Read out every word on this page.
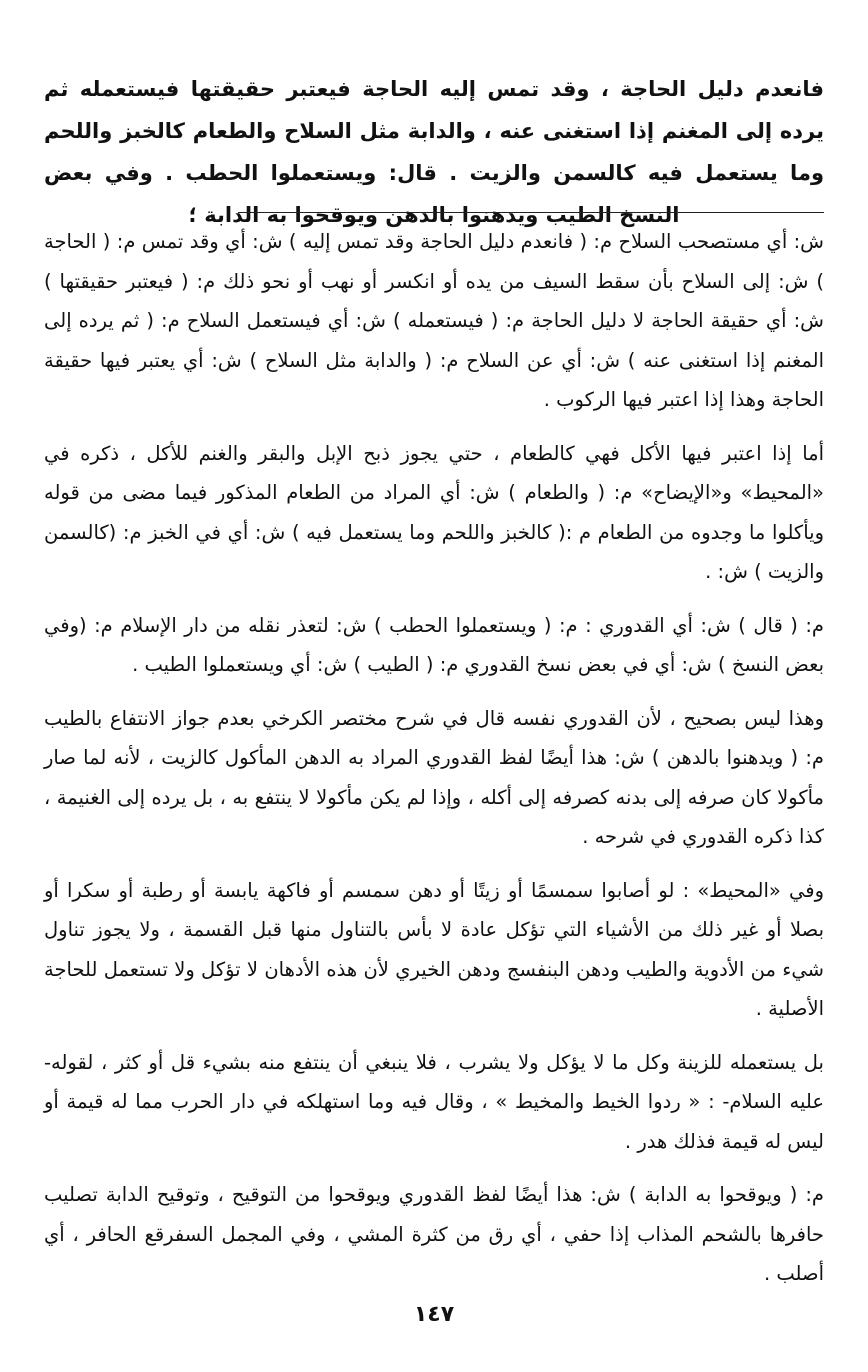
فانعدم دليل الحاجة ، وقد تمس إليه الحاجة فيعتبر حقيقتها فيستعمله ثم يرده إلى المغنم إذا استغنى عنه ، والدابة مثل السلاح والطعام كالخبز واللحم وما يستعمل فيه كالسمن والزيت . قال: ويستعملوا الحطب . وفي بعض النسخ الطيب ويدهنوا بالدهن ويوقحوا به الدابة ؛

ش: أي مستصحب السلاح م: ( فانعدم دليل الحاجة وقد تمس إليه ) ش: أي وقد تمس م: ( الحاجة ) ش: إلى السلاح بأن سقط السيف من يده أو انكسر أو نهب أو نحو ذلك م: ( فيعتبر حقيقتها ) ش: أي حقيقة الحاجة لا دليل الحاجة م: ( فيستعمله ) ش: أي فيستعمل السلاح م: ( ثم يرده إلى المغنم إذا استغنى عنه ) ش: أي عن السلاح م: ( والدابة مثل السلاح ) ش: أي يعتبر فيها حقيقة الحاجة وهذا إذا اعتبر فيها الركوب .

أما إذا اعتبر فيها الأكل فهي كالطعام ، حتي يجوز ذبح الإبل والبقر والغنم للأكل ، ذكره في «المحيط» و«الإيضاح» م: ( والطعام ) ش: أي المراد من الطعام المذكور فيما مضى من قوله ويأكلوا ما وجدوه من الطعام م :( كالخبز واللحم وما يستعمل فيه ) ش: أي في الخبز م: (كالسمن والزيت ) ش: .

م: ( قال ) ش: أي القدوري : م: ( ويستعملوا الحطب ) ش: لتعذر نقله من دار الإسلام م: (وفي بعض النسخ ) ش: أي في بعض نسخ القدوري م: ( الطيب ) ش: أي ويستعملوا الطيب .

وهذا ليس بصحيح ، لأن القدوري نفسه قال في شرح مختصر الكرخي بعدم جواز الانتفاع بالطيب م: ( ويدهنوا بالدهن ) ش: هذا أيضًا لفظ القدوري المراد به الدهن المأكول كالزيت ، لأنه لما صار مأكولا كان صرفه إلى بدنه كصرفه إلى أكله ، وإذا لم يكن مأكولا لا ينتفع به ، بل يرده إلى الغنيمة ، كذا ذكره القدوري في شرحه .

وفي «المحيط» : لو أصابوا سمسمًا أو زيتًا أو دهن سمسم أو فاكهة يابسة أو رطبة أو سكرا أو بصلا أو غير ذلك من الأشياء التي تؤكل عادة لا بأس بالتناول منها قبل القسمة ، ولا يجوز تناول شيء من الأدوية والطيب ودهن البنفسج ودهن الخيري لأن هذه الأدهان لا تؤكل ولا تستعمل للحاجة الأصلية .

بل يستعمله للزينة وكل ما لا يؤكل ولا يشرب ، فلا ينبغي أن ينتفع منه بشيء قل أو كثر ، لقوله- عليه السلام- : « ردوا الخيط والمخيط » ، وقال فيه وما استهلكه في دار الحرب مما له قيمة أو ليس له قيمة فذلك هدر .

م: ( ويوقحوا به الدابة ) ش: هذا أيضًا لفظ القدوري ويوقحوا من التوقيح ، وتوقيح الدابة تصليب حافرها بالشحم المذاب إذا حفي ، أي رق من كثرة المشي ، وفي المجمل السفرقع الحافر ، أي أصلب .

١٤٧
